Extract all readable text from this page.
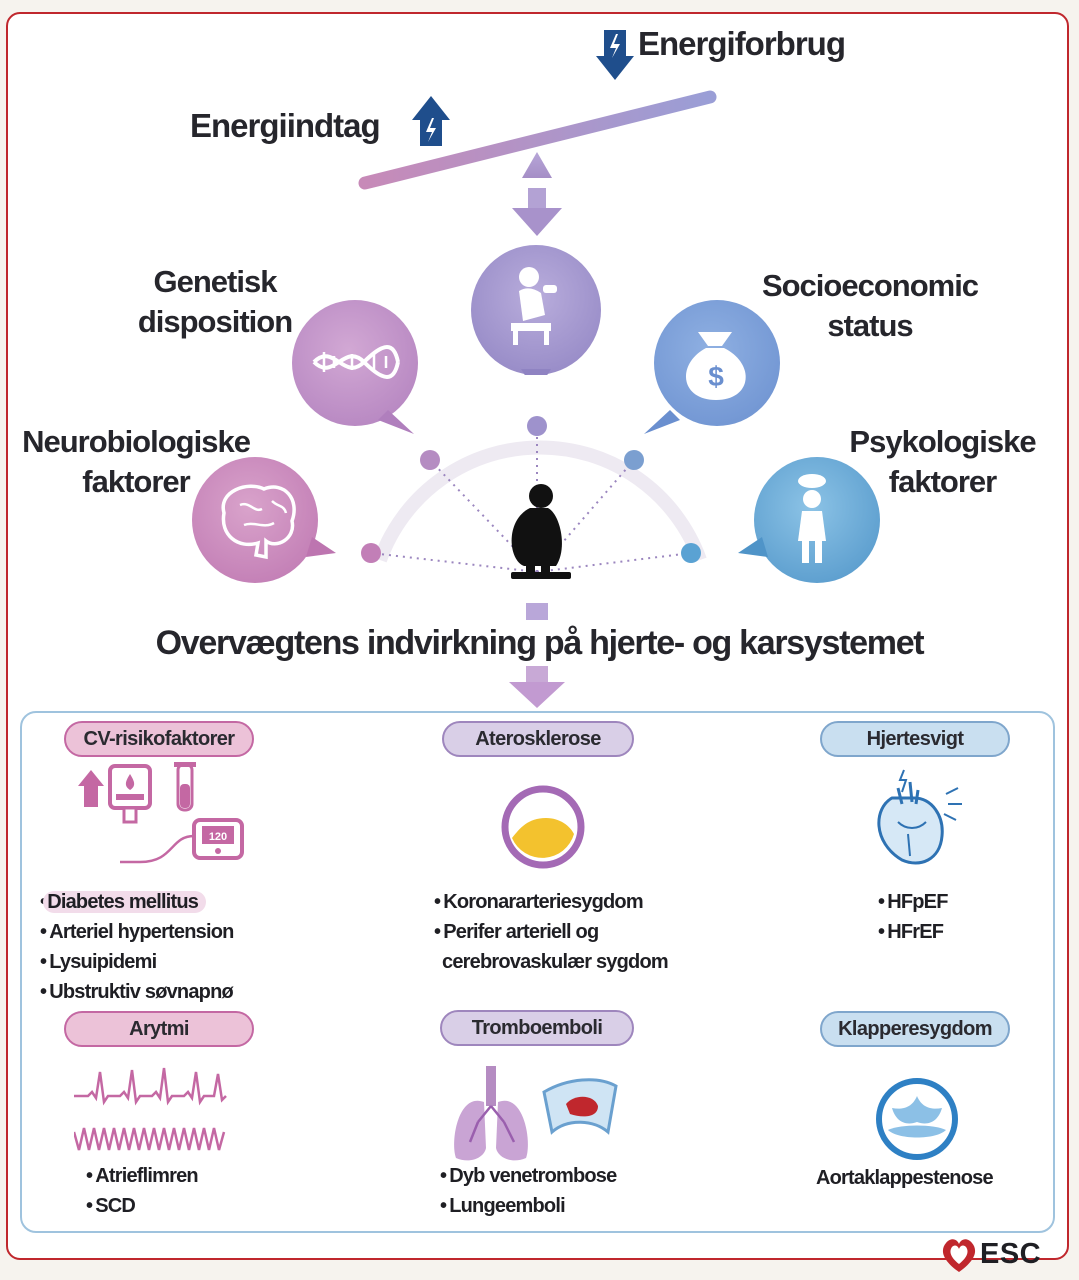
Energiforbrug
Energiindtag
$
Genetisk
disposition
Socioeconomic
status
Neurobiologiske
faktorer
Psykologiske
faktorer
Overvægtens indvirkning på hjerte- og karsystemet
CV-risikofaktorer	Aterosklerose	Hjertesvigt
Arytmi	Tromboemboli	Klapperesygdom
120
• Diabetes mellitus
• Arteriel hypertension
• Lysuipidemi
• Ubstruktiv søvnapnø
• Koronararteriesygdom
• Perifer arteriell og
cerebrovaskulær sygdom
• HFpEF
• HFrEF
• Atrieflimren
• SCD
• Dyb venetrombose
• Lungeemboli
Aortaklappestenose
ESC
